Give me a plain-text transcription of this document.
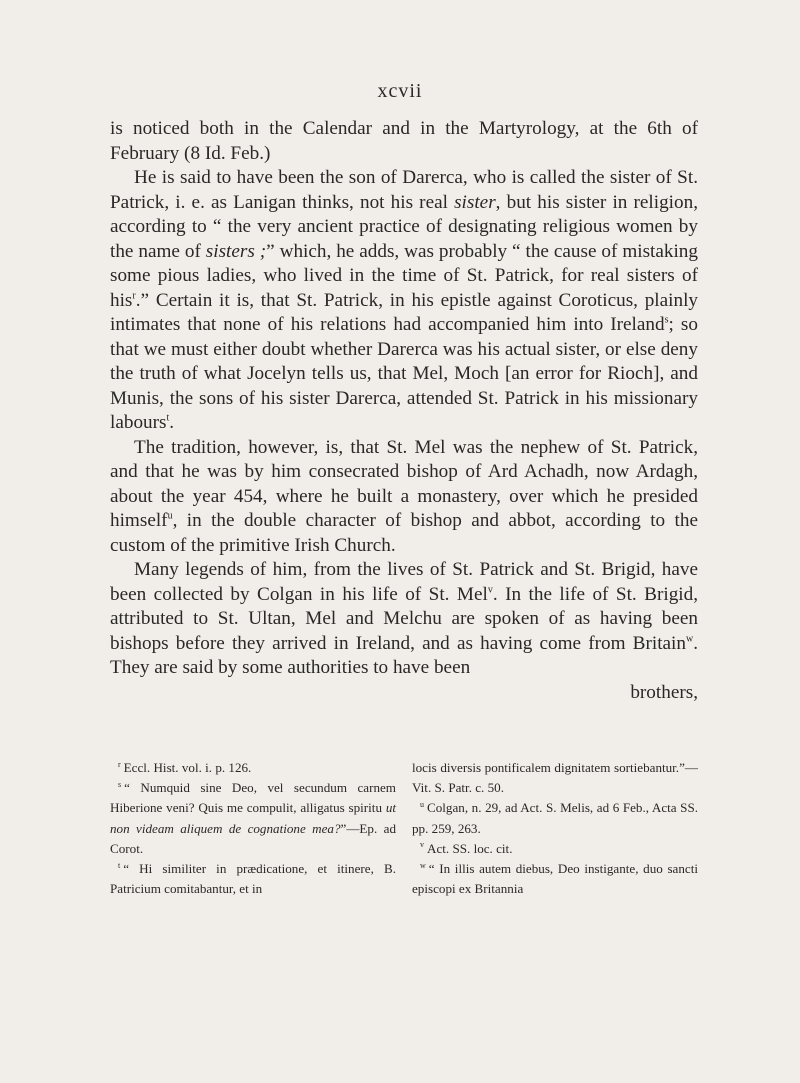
xcvii

is noticed both in the Calendar and in the Martyrology, at the 6th of February (8 Id. Feb.)

He is said to have been the son of Darerca, who is called the sister of St. Patrick, i. e. as Lanigan thinks, not his real sister, but his sister in religion, according to “ the very ancient practice of designating religious women by the name of sisters ;” which, he adds, was probably “ the cause of mistaking some pious ladies, who lived in the time of St. Patrick, for real sisters of his$^r$.” Certain it is, that St. Patrick, in his epistle against Coroticus, plainly intimates that none of his relations had accompanied him into Ireland$^s$; so that we must either doubt whether Darerca was his actual sister, or else deny the truth of what Jocelyn tells us, that Mel, Moch [an error for Rioch], and Munis, the sons of his sister Darerca, attended St. Patrick in his missionary labours$^t$.

The tradition, however, is, that St. Mel was the nephew of St. Patrick, and that he was by him consecrated bishop of Ard Achadh, now Ardagh, about the year 454, where he built a monastery, over which he presided himself$^u$, in the double character of bishop and abbot, according to the custom of the primitive Irish Church.

Many legends of him, from the lives of St. Patrick and St. Brigid, have been collected by Colgan in his life of St. Mel$^v$. In the life of St. Brigid, attributed to St. Ultan, Mel and Melchu are spoken of as having been bishops before they arrived in Ireland, and as having come from Britain$^w$. They are said by some authorities to have been

brothers,

$^r$ Eccl. Hist. vol. i. p. 126.
$^s$ “ Numquid sine Deo, vel secundum carnem Hiberione veni? Quis me compulit, alligatus spiritu ut non videam aliquem de cognatione mea?”—Ep. ad Corot.
$^t$ “ Hi similiter in prædicatione, et itinere, B. Patricium comitabantur, et in
locis diversis pontificalem dignitatem sortiebantur.”—Vit. S. Patr. c. 50.
$^u$ Colgan, n. 29, ad Act. S. Melis, ad 6 Feb., Acta SS. pp. 259, 263.
$^v$ Act. SS. loc. cit.
$^w$ “ In illis autem diebus, Deo instigante, duo sancti episcopi ex Britannia
